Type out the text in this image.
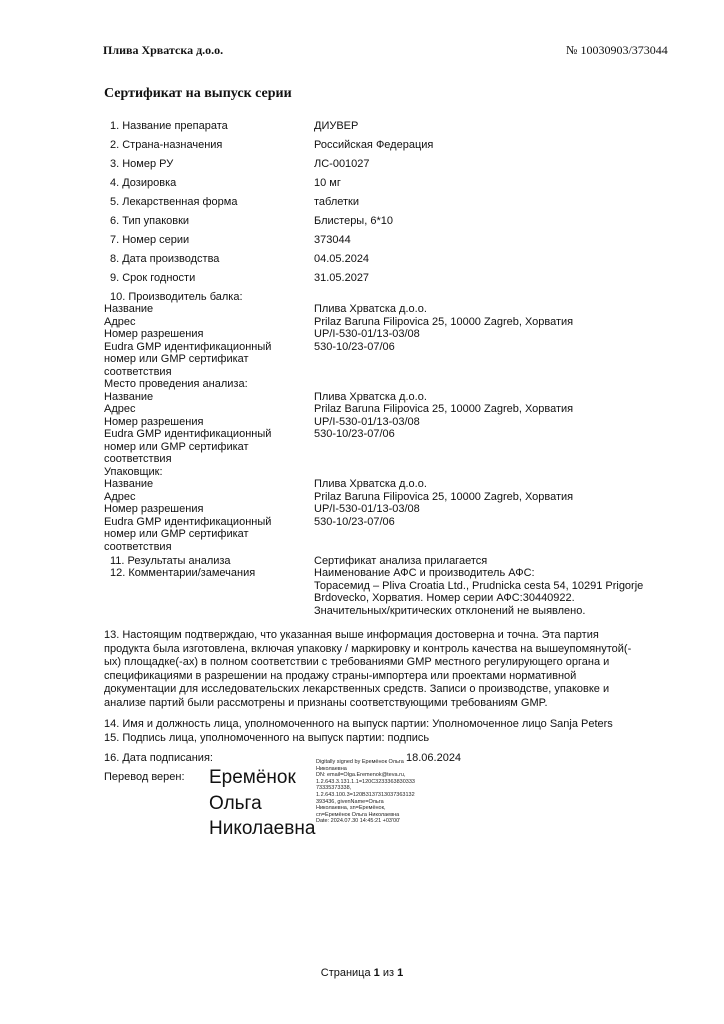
Плива Хрватска д.о.о.	№ 10030903/373044
Сертификат на выпуск серии
1. Название препарата	ДИУВЕР
2. Страна-назначения	Российская Федерация
3. Номер РУ	ЛС-001027
4. Дозировка	10 мг
5. Лекарственная форма	таблетки
6. Тип упаковки	Блистеры, 6*10
7. Номер серии	373044
8. Дата производства	04.05.2024
9. Срок годности	31.05.2027
10. Производитель балка:
Название	Плива Хрватска д.о.о.
Адрес	Prilaz Baruna Filipovica 25, 10000 Zagreb, Хорватия
Номер разрешения	UP/I-530-01/13-03/08
Eudra GMP идентификационный	530-10/23-07/06
номер или GMP сертификат
соответствия
Место проведения анализа:
Название	Плива Хрватска д.о.о.
Адрес	Prilaz Baruna Filipovica 25, 10000 Zagreb, Хорватия
Номер разрешения	UP/I-530-01/13-03/08
Eudra GMP идентификационный	530-10/23-07/06
номер или GMP сертификат
соответствия
Упаковщик:
Название	Плива Хрватска д.о.о.
Адрес	Prilaz Baruna Filipovica 25, 10000 Zagreb, Хорватия
Номер разрешения	UP/I-530-01/13-03/08
Eudra GMP идентификационный	530-10/23-07/06
номер или GMP сертификат
соответствия
11. Результаты анализа	Сертификат анализа прилагается
12. Комментарии/замечания	Наименование АФС и производитель АФС:
Торасемид – Pliva Croatia Ltd., Prudnicka cesta 54, 10291 Prigorje
Brdovecko, Хорватия. Номер серии АФС:30440922.
Значительных/критических отклонений не выявлено.
13. Настоящим подтверждаю, что указанная выше информация достоверна и точна. Эта партия продукта была изготовлена, включая упаковку / маркировку и контроль качества на вышеупомянутой(-ых) площадке(-ах) в полном соответствии с требованиями GMP местного регулирующего органа и спецификациями в разрешении на продажу страны-импортера или проектами нормативной документации для исследовательских лекарственных средств. Записи о производстве, упаковке и анализе партий были рассмотрены и признаны соответствующими требованиям GMP.
14. Имя и должность лица, уполномоченного на выпуск партии: Уполномоченное лицо Sanja Peters
15. Подпись лица, уполномоченного на выпуск партии: подпись
16. Дата подписания:	18.06.2024
Перевод верен: Ерем​ёнок
Ольга
Николаевна
Digitally signed by Ерем​ёнок Ольга
Николаевна
DN: email=Olga.Eremenok@teva.ru,
1.2.643.3.131.1.1=120C3233363830333
73335373338,
1.2.643.100.3=120B3137313037363132
393436, givenName=Ольга
Николаевна, sn=Ерем​ёнок,
cn=Ерем​ёнок Ольга Николаевна
Date: 2024.07.30 14:45:21 +03'00'
Страница 1 из 1
